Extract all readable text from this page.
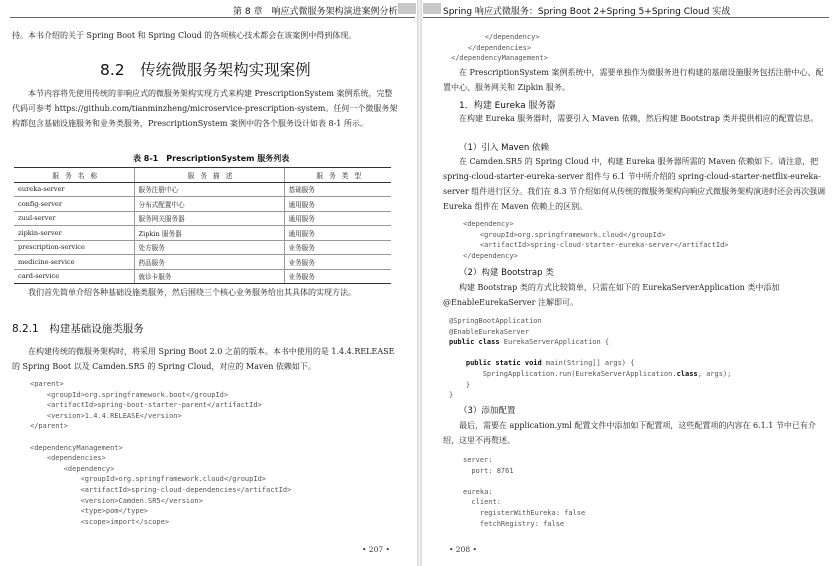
第 8 章　响应式微服务架构演进案例分析
持。本书介绍的关于 Spring Boot 和 Spring Cloud 的各项核心技术都会在该案例中得到体现。
8.2　传统微服务架构实现案例
本节内容将先使用传统的非响应式的微服务架构实现方式来构建 PrescriptionSystem 案例系统，完整代码可参考 https://github.com/tianminzheng/microservice-prescription-system。任何一个微服务架构都包含基础设施服务和业务类服务，PrescriptionSystem 案例中的各个服务设计如表 8-1 所示。
表 8-1　PrescriptionSystem 服务列表
服 务 名 称	服 务 描 述	服 务 类 型
eureka-server	服务注册中心	基础服务
config-server	分布式配置中心	通用服务
zuul-server	服务网关服务器	通用服务
zipkin-server	Zipkin 服务器	通用服务
prescription-service	处方服务	业务服务
medicine-service	药品服务	业务服务
card-service	就诊卡服务	业务服务
我们首先简单介绍各种基础设施类服务，然后围绕三个核心业务服务给出其具体的实现方法。
8.2.1　构建基础设施类服务
在构建传统的微服务架构时，将采用 Spring Boot 2.0 之前的版本。本书中使用的是 1.4.4.RELEASE 的 Spring Boot 以及 Camden.SR5 的 Spring Cloud，对应的 Maven 依赖如下。
<parent>
<groupId>org.springframework.boot</groupId>
<artifactId>spring-boot-starter-parent</artifactId>
<version>1.4.4.RELEASE</version>
</parent>

<dependencyManagement>
<dependencies>
<dependency>
<groupId>org.springframework.cloud</groupId>
<artifactId>spring-cloud-dependencies</artifactId>
<version>Camden.SR5</version>
<type>pom</type>
<scope>import</scope>
• 207 •
Spring 响应式微服务：Spring Boot 2+Spring 5+Spring Cloud 实战
</dependency>
</dependencies>
</dependencyManagement>
在 PrescriptionSystem 案例系统中，需要单独作为微服务进行构建的基础设施服务包括注册中心、配置中心、服务网关和 Zipkin 服务。
1．构建 Eureka 服务器
在构建 Eureka 服务器时，需要引入 Maven 依赖，然后构建 Bootstrap 类并提供相应的配置信息。
（1）引入 Maven 依赖
在 Camden.SR5 的 Spring Cloud 中，构建 Eureka 服务器所需的 Maven 依赖如下。请注意，把 spring-cloud-starter-eureka-server 组件与 6.1 节中所介绍的 spring-cloud-starter-netflix-eureka-server 组件进行区分。我们在 8.3 节介绍如何从传统的微服务架构向响应式微服务架构演进时还会再次强调 Eureka 组件在 Maven 依赖上的区别。
<dependency>
<groupId>org.springframework.cloud</groupId>
<artifactId>spring-cloud-starter-eureka-server</artifactId>
</dependency>
（2）构建 Bootstrap 类
构建 Bootstrap 类的方式比较简单，只需在如下的 EurekaServerApplication 类中添加 @EnableEurekaServer 注解即可。
@SpringBootApplication
@EnableEurekaServer
public class EurekaServerApplication {

public static void main(String[] args) {
SpringApplication.run(EurekaServerApplication.class, args);
}
}
（3）添加配置
最后，需要在 application.yml 配置文件中添加如下配置项，这些配置项的内容在 6.1.1 节中已有介绍，这里不再赘述。
server:
port: 8761

eureka:
client:
registerWithEureka: false
fetchRegistry: false
• 208 •
